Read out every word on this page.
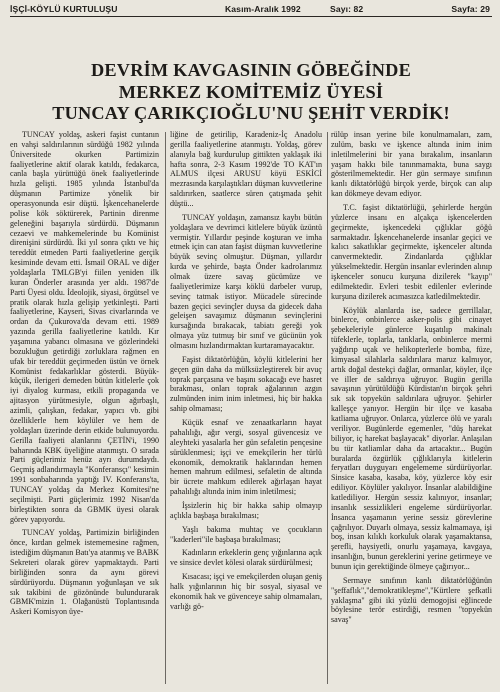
İŞÇİ-KÖYLÜ KURTULUŞU	Kasım-Aralık 1992	Sayı: 82	Sayfa: 29
DEVRİM KAVGASININ GÖBEĞİNDE
MERKEZ KOMİTEMİZ ÜYESİ
TUNCAY ÇARIKÇIOĞLU'NU ŞEHİT VERDİK!

TUNCAY yoldaş, askeri faşist cuntanın en vahşi saldırılarının sürdüğü 1982 yılında Üniversitede okurken Partimizin faaliyetlerine aktif olarak katıldı, fedakarca, canla başla yürüttüğü önek faaliyetlerinde hızla gelişti. 1985 yılında İstanbul'da düşmanın Partimize yönelik bir operasyonunda esir düştü. İşkencehanelerde polise kök söktürerek, Partinin direnme geleneğini başarıyla sürdürdü. Düşmanın cezaevi ve mahkemelerinde bu Komünist direnişini sürdürdü. İki yıl sonra çıktı ve hiç tereddüt etmeden Parti faaliyetlerine gerçik kesiminde devam etti. İsmail ORAL ve diğer yoldaşlarla TMLGB'yi fiilen yeniden ilk kuran Önderler arasında yer aldı. 1987'de Parti Üyesi oldu. İdeolojik, siyasi, örgütsel ve pratik olarak hızla gelişip yetkinleşti. Parti faaliyetlerine, Kayseri, Sivas civarlarında ve ordan da Çukurova'da devam etti. 1989 yazında gerilla faaliyetlerine katıldı. Kır yaşamına yabancı olmasına ve gözlerindeki bozukluğun getirdiği zorluklara rağmen en ufak bir tereddüt geçirmeden üstün ve örnek Komünist fedakarlıklar gösterdi. Büyük-küçük, ilerigeri demeden bütün kitlelerle çok iyi diyalog kurması, etkili propaganda ve ajitasyon yürütmesiyle, olgun ağırbaşlı, azimli, çalışkan, fedakar, yapıcı vb. gibi özelliklerle hem köylüler ve hem de yoldaşları üzerinde derin etkide bulunuyordu. Gerilla faaliyeti alanlarını ÇETİN'i, 1990 baharında KBK üyeliğine atanmıştı. O sırada Parti güçlerimiz henüz ayrı durumdaydı. Geçmiş adlandırmayla "Konferansçı" kesimin 1991 sonbaharında yaptığı IV. Konferans'ta, TUNCAY yoldaş da Merkez Komitesi'ne seçilmişti. Parti güçlerimiz 1992 Nisan'da birleştikten sonra da GBMK üyesi olarak görev yapıyordu.

TUNCAY yoldaş, Partimizin birliğinden önce, kırdan gelmek istememesine rağmen, istediğim düşmanın Batı'ya atanmış ve BABK Sekreteri olarak görev yapmaktaydı. Parti birliğinden sonra da aynı görevi sürdürüyordu. Düşmanın yoğunlaşan ve sık sık takibini de gözönünde bulundurarak GBMK'mizin 1. Olağanüstü Toplantısında Askeri Komisyon üye-

liğine de getirilip, Karadeniz-İç Anadolu gerilla faaliyetlerine atanmıştı. Yoldaş, görev alanıyla bağ kurdurulup gittikten yaklaşık iki hafta sonra, 2-3 Kasım 1992'de TO KAT'ın ALMUS ilçesi ARUSU köyü ESKİCİ mezrasında karşılaştıkları düşman kuvvetlerine saldırırken, saatlerce süren çatışmada şehit düştü...

TUNCAY yoldaşın, zamansız kaybı bütün yoldaşlara ve devrimci kitlelere büyük üzüntü vermiştir. Yıllardır peşinde koşturan ve imha etmek için can atan faşist düşman kuvvetlerine büyük sevinç olmuştur. Düşman, yıllardır kırda ve şehirde, başta Önder kadrolarımız olmak üzere savaş gücümüze ve faaliyetlerimize karşı köklü darbeler vurup, sevinç tatmak istiyor. Mücadele sürecinde bazen geçici sevinçler duysa da gidecek daha geleişen savaşımız düşmanın sevinçlerini kursağında bırakacak, tabiatı gereği yok olmaya yüz tutmuş bir sınıf ve gücünün yok olmasını hızlandırmaktan kurtaramayacaktır.

Faşist diktatörlüğün, köylü kitlelerini her geçen gün daha da mülksüzleştirerek bir avuç toprak parçasına ve başını sokacağı eve hasret bırakması, onları toprak ağalarının azgın zulmünden inim inim inletmesi, hiç bir hakka sahip olmaması;

Küçük esnaf ve zenaatkarların hayat pahalılığı, ağır vergi, sosyal güvencesiz ve aleyhteki yasalarla her gün sefaletin pençesine sürüklenmesi; işçi ve emekçilerin her türlü ekonomik, demokratik haklarından hemen hemen mahrum edilmesi, sefaletin de altında bir ücrete mahkum edilerek ağırlaşan hayat pahalılığı altında inim inim inletilmesi;

İşsizlerin hiç bir hakka sahip olmayıp açlıkla başbaşa bırakılması;

Yaşlı bakıma muhtaç ve çocukların "kaderleri"ile başbaşa bırakılması;

Kadınların erkeklerin genç yığınlarına açık ve sinsice devlet kölesi olarak sürdürülmesi;

Kısacası; işçi ve emekçilerden oluşan geniş halk yığınlarının hiç bir sosyal, siyasal ve ekonomik hak ve güvenceye sahip olmamaları, varlığı gö-

rülüp insan yerine bile konulmamaları, zam, zulüm, baskı ve işkence altında inim inim inletilmelerini bir yana bırakalım, insanların yaşam hakkı bile tanınmamakta, buna saygı gösterilmemektedir. Her gün sermaye sınıfının kanlı diktatörlüğü birçok yerde, birçok can alıp kan dökmeye devam ediyor.

T.C. faşist diktatörlüğü, şehirlerde hergün yüzlerce insanı en alçakça işkencelerden geçirmekte, işkencedeki çığlıklar göğü sarmaktadır. İşkencehanelerde insanlar geçici ve kalıcı sakatlıklar geçirmekte, işkenceler altında canvermektedir. Zindanlarda çığlıklar yükselmektedir. Hergün insanlar evlerinden alınıp işkenceler sonucu kurşuna dizilerek "kayıp" edilmektedir. Evleri tesbit edilenler evlerinde kurşuna dizilerek acımasızca katledilmektedir.

Köylük alanlarda ise, sadece gerrillalar, binlerce, onbinlerce asker-polis gibi cinayet şebekeleriyle günlerce kuşatılıp makinalı tüfeklerle, toplarla, tanklarla, onbinlerce mermi yağdırıp uçak ve helikopterlerle bomba, füze, kimyasal silahlarla saldırılara maruz kalmıyor, artık doğal destekçi dağlar, ormanlar, köyler, ilçe ve iller de saldırıya uğruyor. Bugün gerilla savaşının yürütüldüğü Kürdistan'ın birçok şehri sık sık topyekün saldırılara uğruyor. Şehirler kalleşçe yanıyor. Hergün bir ilçe ve kasaba katliama uğruyor. Onlarca, yüzlerce ölü ve yaralı veriliyor. Bugünlerde egemenler, "düş harekat biliyor, iç harekat başlayacak" diyorlar. Anlaşılan bu tür katliamlar daha da artacaktır... Bugün buralarda özgürlük çığlıklarıyla kitlelerin feryatları duyguyarı engelememe sürdürüyorlar. Sinsice kasaba, kasaba, köy, yüzlerce köy esir ediliyor. Köylüler yakılıyor. İnsanlar alabildiğine katlediliyor. Hergün sessiz kalınıyor, insanlar; insanlık sessizlikleri engeleme sürdürüyorlar. İnsanca yaşamanın yerine sessiz görevlerine çağrılıyor. Duyarlı olmaya, sessiz kalmamaya, işi boş, insan kılıklı korkuluk olarak yaşamaktansa, şerefli, haysiyetli, onurlu yaşamaya, kavgaya, insanlığın, bunun gereklerini yerine getirmeye ve bunun için gerektiğinde ölmeye çağırıyor...

Sermaye sınıfının kanlı diktatörlüğünün "şeffaflık","demokratikleşme","Kürtlere şefkatli yaklaşma" gibi iki yüzlü demogojisi eğlincede böylesine terör estirdiği, resmen "topyekün savaş"
